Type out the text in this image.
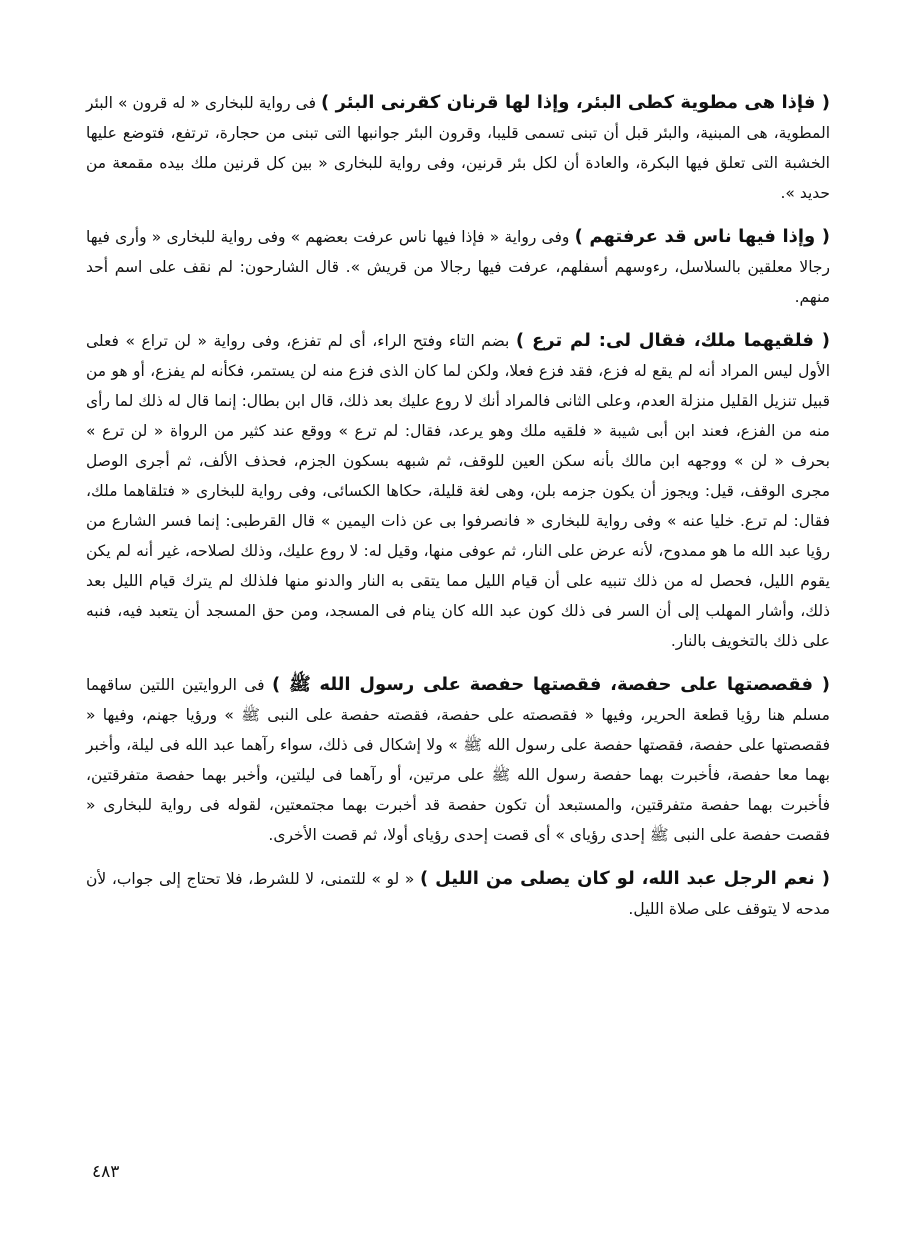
( فإذا هى مطوية كطى البئر، وإذا لها قرنان كقرنى البئر ) فى رواية للبخارى « له قرون » البئر المطوية، هى المبنية، والبئر قبل أن تبنى تسمى قليبا، وقرون البئر جوانبها التى تبنى من حجارة، ترتفع، فتوضع عليها الخشبة التى تعلق فيها البكرة، والعادة أن لكل بئر قرنين، وفى رواية للبخارى « بين كل قرنين ملك بيده مقمعة من حديد ».

( وإذا فيها ناس قد عرفتهم ) وفى رواية « فإذا فيها ناس عرفت بعضهم » وفى رواية للبخارى « وأرى فيها رجالا معلقين بالسلاسل، رءوسهم أسفلهم، عرفت فيها رجالا من قريش ». قال الشارحون: لم نقف على اسم أحد منهم.

( فلقيهما ملك، فقال لى: لم ترع ) بضم التاء وفتح الراء، أى لم تفزع، وفى رواية « لن تراع » فعلى الأول ليس المراد أنه لم يقع له فزع، فقد فزع فعلا، ولكن لما كان الذى فزع منه لن يستمر، فكأنه لم يفزع، أو هو من قبيل تنزيل القليل منزلة العدم، وعلى الثانى فالمراد أنك لا روع عليك بعد ذلك، قال ابن بطال: إنما قال له ذلك لما رأى منه من الفزع، فعند ابن أبى شيبة « فلقيه ملك وهو يرعد، فقال: لم ترع » ووقع عند كثير من الرواة « لن ترع » بحرف « لن » ووجهه ابن مالك بأنه سكن العين للوقف، ثم شبهه بسكون الجزم، فحذف الألف، ثم أجرى الوصل مجرى الوقف، قيل: ويجوز أن يكون جزمه بلن، وهى لغة قليلة، حكاها الكسائى، وفى رواية للبخارى « فتلقاهما ملك، فقال: لم ترع. خليا عنه » وفى رواية للبخارى « فانصرفوا بى عن ذات اليمين » قال القرطبى: إنما فسر الشارع من رؤيا عبد الله ما هو ممدوح، لأنه عرض على النار، ثم عوفى منها، وقيل له: لا روع عليك، وذلك لصلاحه، غير أنه لم يكن يقوم الليل، فحصل له من ذلك تنبيه على أن قيام الليل مما يتقى به النار والدنو منها فلذلك لم يترك قيام الليل بعد ذلك، وأشار المهلب إلى أن السر فى ذلك كون عبد الله كان ينام فى المسجد، ومن حق المسجد أن يتعبد فيه، فنبه على ذلك بالتخويف بالنار.

( فقصصتها على حفصة، فقصتها حفصة على رسول الله ﷺ ) فى الروايتين اللتين ساقهما مسلم هنا رؤيا قطعة الحرير، وفيها « فقصصته على حفصة، فقصته حفصة على النبى ﷺ » ورؤيا جهنم، وفيها « فقصصتها على حفصة، فقصتها حفصة على رسول الله ﷺ » ولا إشكال فى ذلك، سواء رآهما عبد الله فى ليلة، وأخبر بهما معا حفصة، فأخبرت بهما حفصة رسول الله ﷺ على مرتين، أو رآهما فى ليلتين، وأخبر بهما حفصة متفرقتين، فأخبرت بهما حفصة متفرقتين، والمستبعد أن تكون حفصة قد أخبرت بهما مجتمعتين، لقوله فى رواية للبخارى « فقصت حفصة على النبى ﷺ إحدى رؤياى » أى قصت إحدى رؤياى أولا، ثم قصت الأخرى.

( نعم الرجل عبد الله، لو كان يصلى من الليل ) « لو » للتمنى، لا للشرط، فلا تحتاج إلى جواب، لأن مدحه لا يتوقف على صلاة الليل.

٤٨٣
